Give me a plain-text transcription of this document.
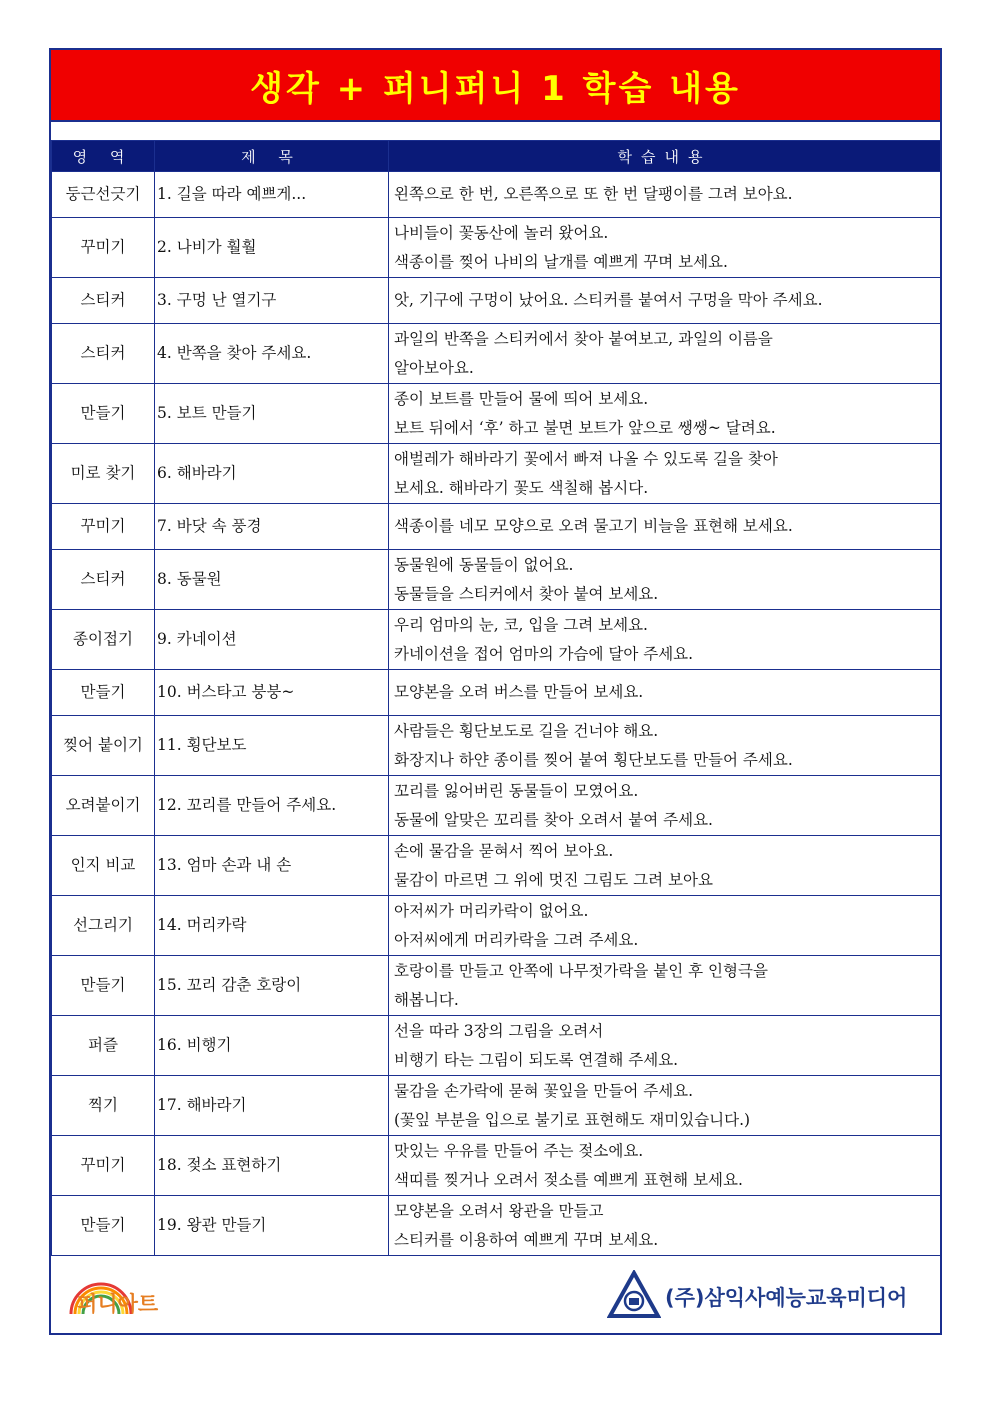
생각 + 퍼니퍼니 1 학습 내용
영 역	제 목	학습내용
둥근선긋기	1. 길을 따라 예쁘게...	왼쪽으로 한 번, 오른쪽으로 또 한 번 달팽이를 그려 보아요.

꾸미기	2. 나비가 훨훨	나비들이 꽃동산에 놀러 왔어요.
색종이를 찢어 나비의 날개를 예쁘게 꾸며 보세요.

스티커	3. 구멍 난 열기구	앗, 기구에 구멍이 났어요. 스티커를 붙여서 구멍을 막아 주세요.

스티커	4. 반쪽을 찾아 주세요.	과일의 반쪽을 스티커에서 찾아 붙여보고, 과일의 이름을
알아보아요.

만들기	5. 보트 만들기	종이 보트를 만들어 물에 띄어 보세요.
보트 뒤에서 ‘후’ 하고 불면 보트가 앞으로 쌩쌩~ 달려요.

미로 찾기	6. 해바라기	애벌레가 해바라기 꽃에서 빠져 나올 수 있도록 길을 찾아
보세요. 해바라기 꽃도 색칠해 봅시다.

꾸미기	7. 바닷 속 풍경	색종이를 네모 모양으로 오려 물고기 비늘을 표현해 보세요.

스티커	8. 동물원	동물원에 동물들이 없어요.
동물들을 스티커에서 찾아 붙여 보세요.

종이접기	9. 카네이션	우리 엄마의 눈, 코, 입을 그려 보세요.
카네이션을 접어 엄마의 가슴에 달아 주세요.

만들기	10. 버스타고 붕붕~	모양본을 오려 버스를 만들어 보세요.

찢어 붙이기	11. 횡단보도	사람들은 횡단보도로 길을 건너야 해요.
화장지나 하얀 종이를 찢어 붙여 횡단보도를 만들어 주세요.

오려붙이기	12. 꼬리를 만들어 주세요.	꼬리를 잃어버린 동물들이 모였어요.
동물에 알맞은 꼬리를 찾아 오려서 붙여 주세요.

인지 비교	13. 엄마 손과 내 손	손에 물감을 묻혀서 찍어 보아요.
물감이 마르면 그 위에 멋진 그림도 그려 보아요

선그리기	14. 머리카락	아저씨가 머리카락이 없어요.
아저씨에게 머리카락을 그려 주세요.

만들기	15. 꼬리 감춘 호랑이	호랑이를 만들고 안쪽에 나무젓가락을 붙인 후 인형극을
해봅니다.

퍼즐	16. 비행기	선을 따라 3장의 그림을 오려서
비행기 타는 그림이 되도록 연결해 주세요.

찍기	17. 해바라기	물감을 손가락에 묻혀 꽃잎을 만들어 주세요.
(꽃잎 부분을 입으로 불기로 표현해도 재미있습니다.)

꾸미기	18. 젖소 표현하기	맛있는 우유를 만들어 주는 젖소에요.
색띠를 찢거나 오려서 젖소를 예쁘게 표현해 보세요.

만들기	19. 왕관 만들기	모양본을 오려서 왕관을 만들고
스티커를 이용하여 예쁘게 꾸며 보세요.
퍼니아트	(주)삼익사예능교육미디어
